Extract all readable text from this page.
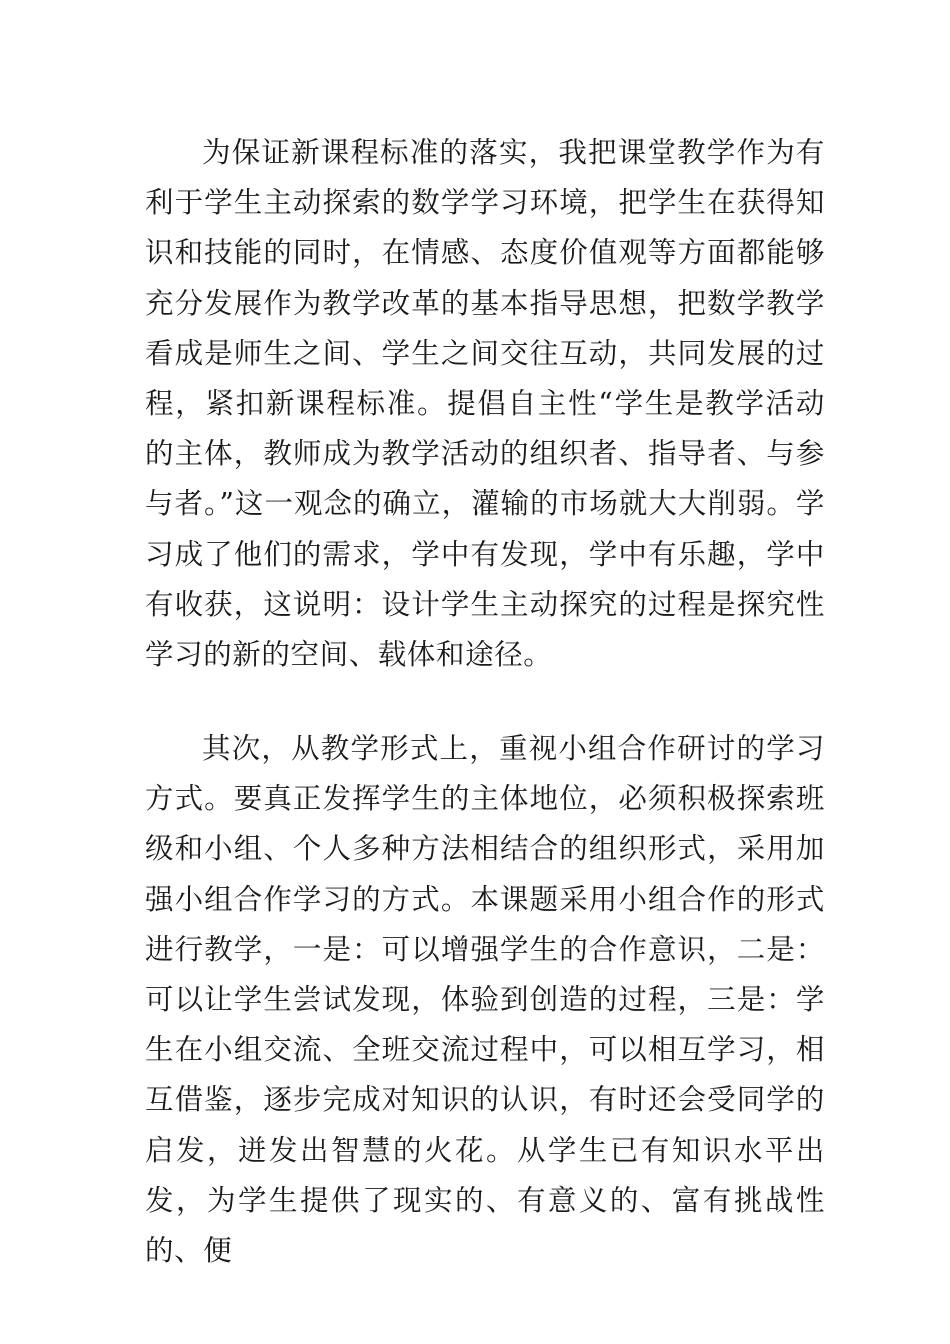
为保证新课程标准的落实，我把课堂教学作为有利于学生主动探索的数学学习环境，把学生在获得知识和技能的同时，在情感、态度价值观等方面都能够充分发展作为教学改革的基本指导思想，把数学教学看成是师生之间、学生之间交往互动，共同发展的过程，紧扣新课程标准。提倡自主性“学生是教学活动的主体，教师成为教学活动的组织者、指导者、与参与者。”这一观念的确立，灌输的市场就大大削弱。学习成了他们的需求，学中有发现，学中有乐趣，学中有收获，这说明：设计学生主动探究的过程是探究性学习的新的空间、载体和途径。

其次，从教学形式上，重视小组合作研讨的学习方式。要真正发挥学生的主体地位，必须积极探索班级和小组、个人多种方法相结合的组织形式，采用加强小组合作学习的方式。本课题采用小组合作的形式进行教学，一是：可以增强学生的合作意识，二是：可以让学生尝试发现，体验到创造的过程，三是：学生在小组交流、全班交流过程中，可以相互学习，相互借鉴，逐步完成对知识的认识，有时还会受同学的启发，迸发出智慧的火花。从学生已有知识水平出发，为学生提供了现实的、有意义的、富有挑战性的、便
